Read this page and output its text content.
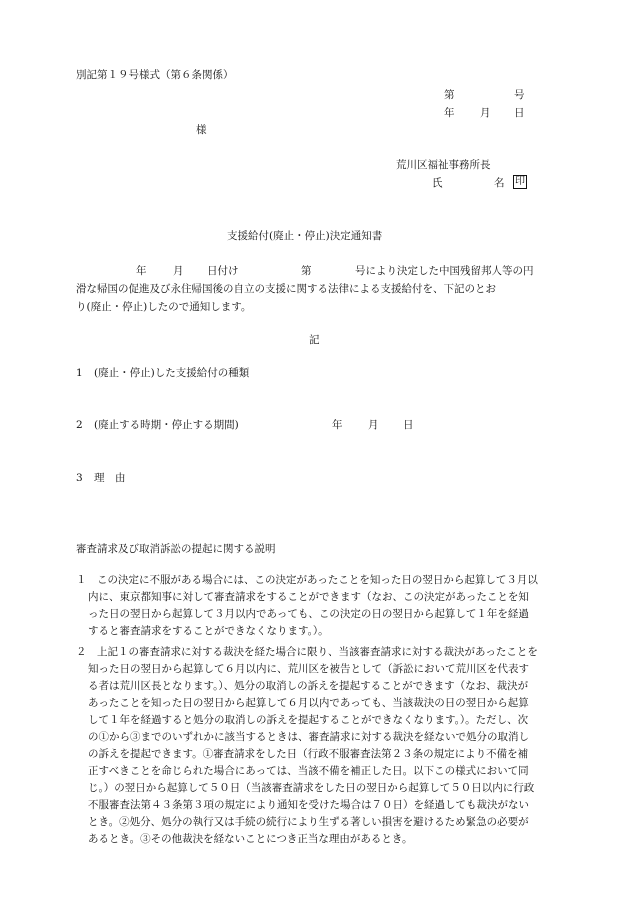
別記第１９号様式（第６条関係）
第	号
年 月 日
様
荒川区福祉事務所長
氏	名	印
支援給付(廃止・停止)決定通知書
年	月 日付け	第	号により決定した中国残留邦人等の円
滑な帰国の促進及び永住帰国後の自立の支援に関する法律による支援給付を、下記のとお
り(廃止・停止)したので通知します。
記
1 (廃止・停止)した支援給付の種類
2 (廃止する時期・停止する期間)	年 月 日
3 理　由
審査請求及び取消訴訟の提起に関する説明
１　この決定に不服がある場合には、この決定があったことを知った日の翌日から起算して３月以内に、東京都知事に対して審査請求をすることができます（なお、この決定があったことを知った日の翌日から起算して３月以内であっても、この決定の日の翌日から起算して１年を経過すると審査請求をすることができなくなります。）。
２　上記１の審査請求に対する裁決を経た場合に限り、当該審査請求に対する裁決があったことを知った日の翌日から起算して６月以内に、荒川区を被告として（訴訟において荒川区を代表する者は荒川区長となります。）、処分の取消しの訴えを提起することができます（なお、裁決があったことを知った日の翌日から起算して６月以内であっても、当該裁決の日の翌日から起算して１年を経過すると処分の取消しの訴えを提起することができなくなります。）。ただし、次の①から③までのいずれかに該当するときは、審査請求に対する裁決を経ないで処分の取消しの訴えを提起できます。①審査請求をした日（行政不服審査法第２３条の規定により不備を補正すべきことを命じられた場合にあっては、当該不備を補正した日。以下この様式において同じ。）の翌日から起算して５０日（当該審査請求をした日の翌日から起算して５０日以内に行政不服審査法第４３条第３項の規定により通知を受けた場合は７０日）を経過しても裁決がないとき。②処分、処分の執行又は手続の続行により生ずる著しい損害を避けるため緊急の必要があるとき。③その他裁決を経ないことにつき正当な理由があるとき。
